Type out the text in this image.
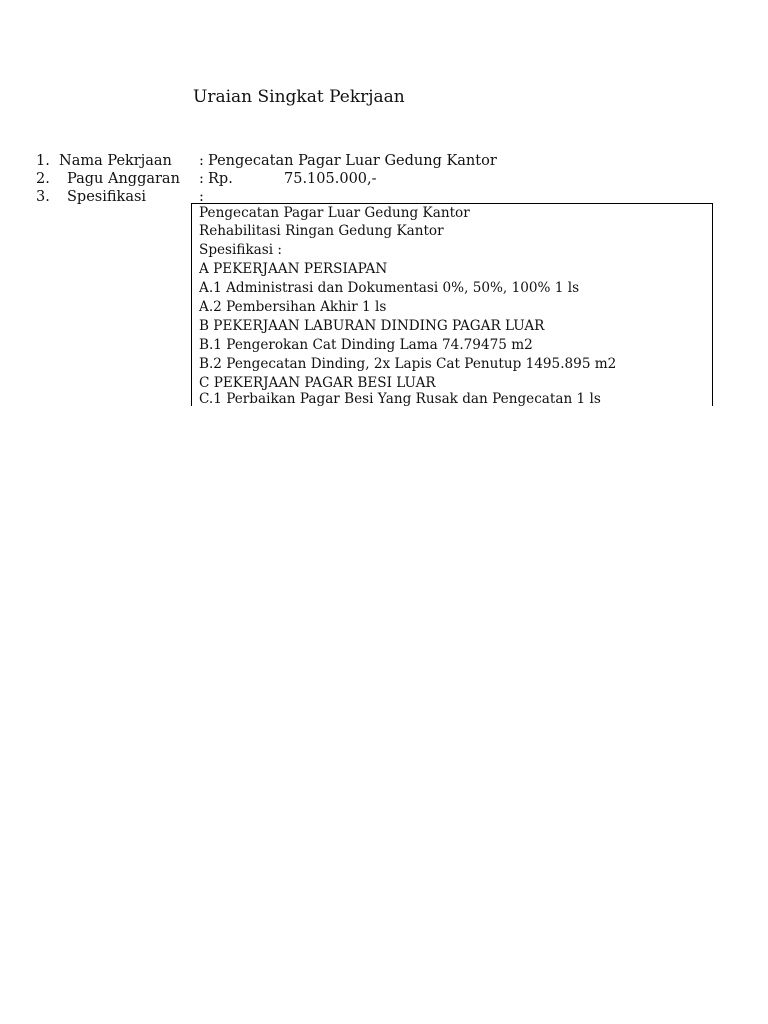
Uraian Singkat Pekrjaan
1. Nama Pekrjaan : Pengecatan Pagar Luar Gedung Kantor
2. Pagu Anggaran : Rp.	75.105.000,-
3. Spesifikasi	:
Pengecatan Pagar Luar Gedung Kantor
Rehabilitasi Ringan Gedung Kantor
Spesifikasi :
A PEKERJAAN PERSIAPAN
A.1 Administrasi dan Dokumentasi 0%, 50%, 100% 1 ls
A.2 Pembersihan Akhir 1 ls
B PEKERJAAN LABURAN DINDING PAGAR LUAR
B.1 Pengerokan Cat Dinding Lama 74.79475 m2
B.2 Pengecatan Dinding, 2x Lapis Cat Penutup 1495.895 m2
C PEKERJAAN PAGAR BESI LUAR
C.1 Perbaikan Pagar Besi Yang Rusak dan Pengecatan 1 ls
